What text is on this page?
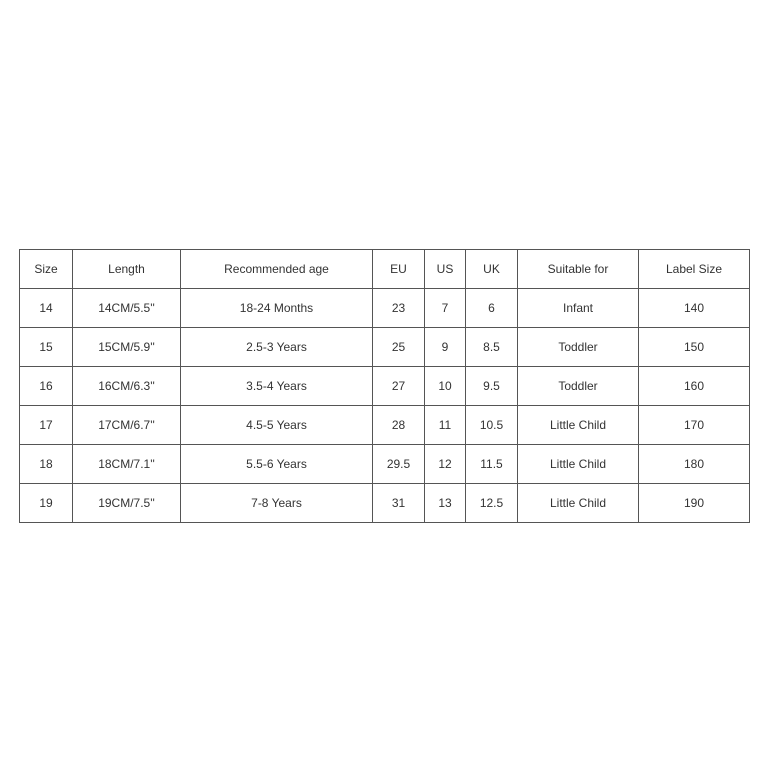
Size	Length	Recommended age	EU	US	UK	Suitable for	Label Size
14	14CM/5.5''	18-24 Months	23	7	6	Infant	140
15	15CM/5.9''	2.5-3 Years	25	9	8.5	Toddler	150
16	16CM/6.3''	3.5-4 Years	27	10	9.5	Toddler	160
17	17CM/6.7''	4.5-5 Years	28	11	10.5	Little Child	170
18	18CM/7.1''	5.5-6 Years	29.5	12	11.5	Little Child	180
19	19CM/7.5''	7-8 Years	31	13	12.5	Little Child	190
